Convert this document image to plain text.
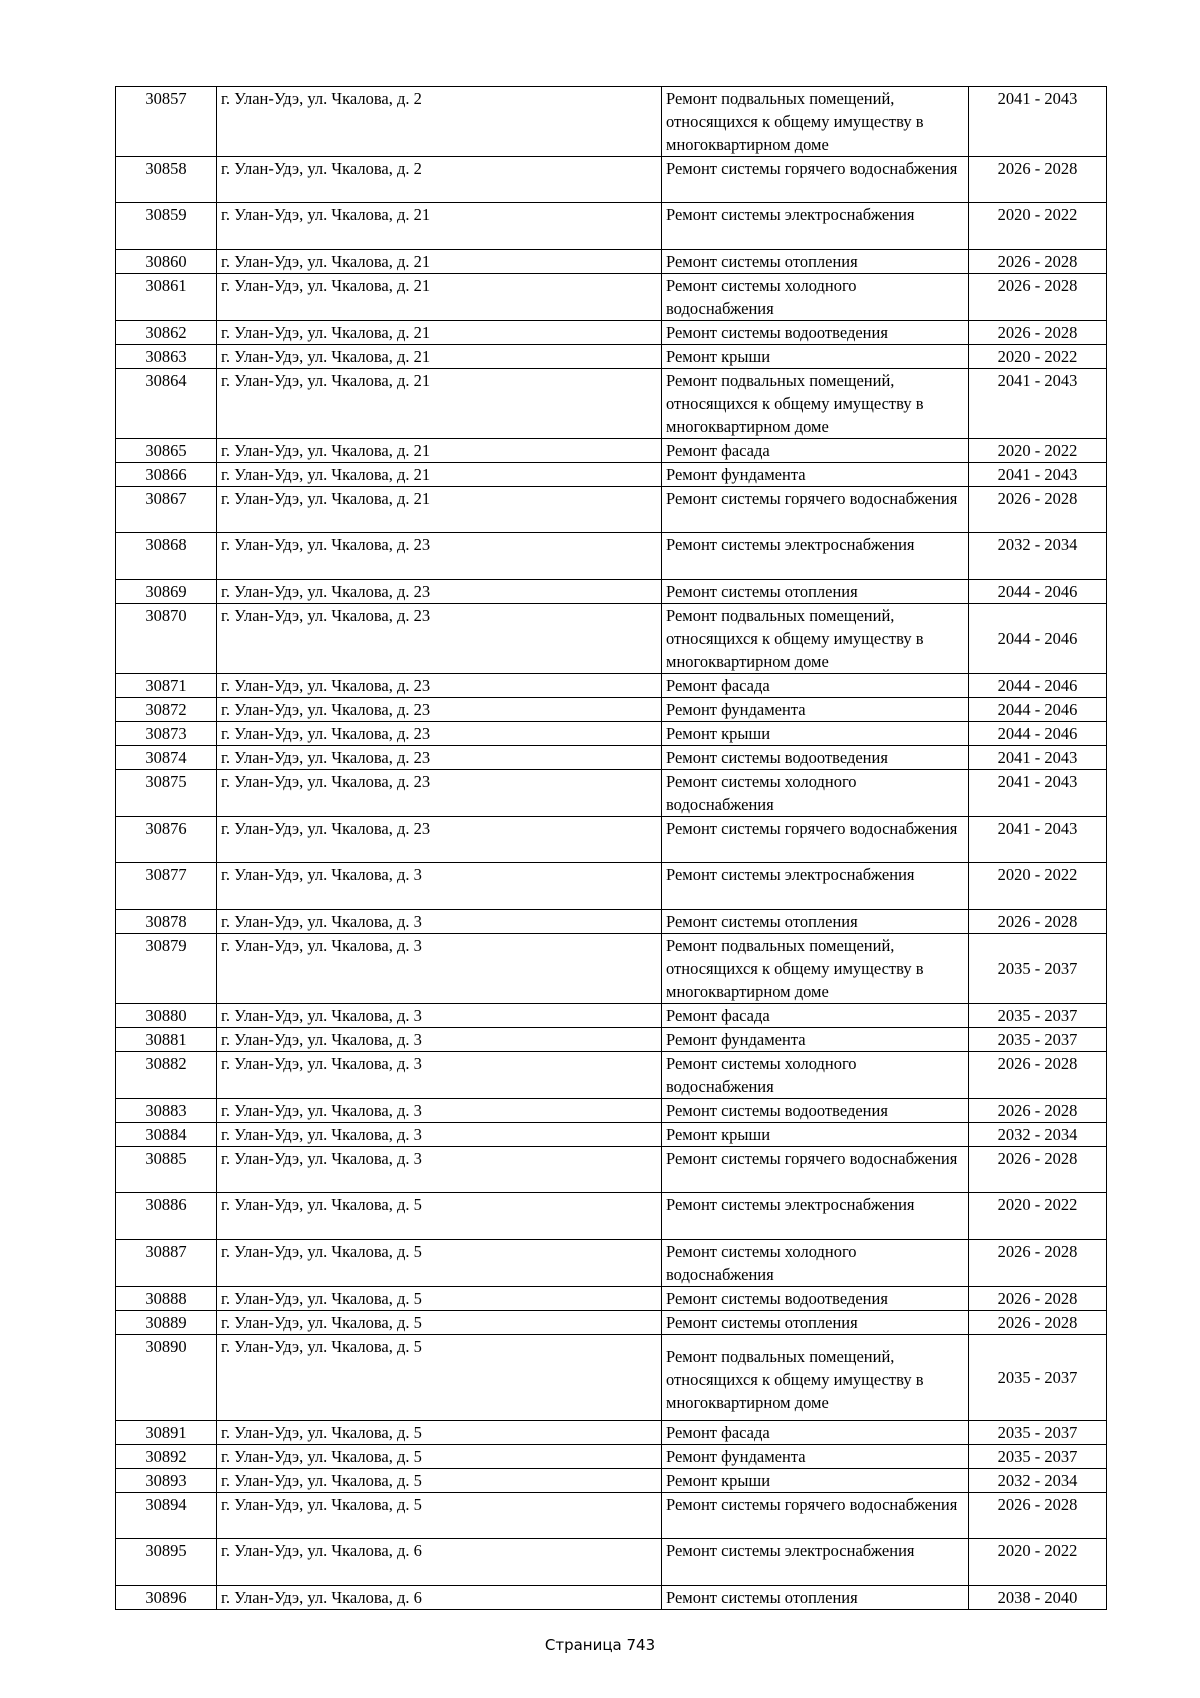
30857	г. Улан-Удэ, ул. Чкалова, д. 2	Ремонт подвальных помещений, относящихся к общему имуществу в многоквартирном доме	2041 - 2043
30858	г. Улан-Удэ, ул. Чкалова, д. 2	Ремонт системы горячего водоснабжения	2026 - 2028
30859	г. Улан-Удэ, ул. Чкалова, д. 21	Ремонт системы электроснабжения	2020 - 2022
30860	г. Улан-Удэ, ул. Чкалова, д. 21	Ремонт системы отопления	2026 - 2028
30861	г. Улан-Удэ, ул. Чкалова, д. 21	Ремонт системы холодного водоснабжения	2026 - 2028
30862	г. Улан-Удэ, ул. Чкалова, д. 21	Ремонт системы водоотведения	2026 - 2028
30863	г. Улан-Удэ, ул. Чкалова, д. 21	Ремонт крыши	2020 - 2022
30864	г. Улан-Удэ, ул. Чкалова, д. 21	Ремонт подвальных помещений, относящихся к общему имуществу в многоквартирном доме	2041 - 2043
30865	г. Улан-Удэ, ул. Чкалова, д. 21	Ремонт фасада	2020 - 2022
30866	г. Улан-Удэ, ул. Чкалова, д. 21	Ремонт фундамента	2041 - 2043
30867	г. Улан-Удэ, ул. Чкалова, д. 21	Ремонт системы горячего водоснабжения	2026 - 2028
30868	г. Улан-Удэ, ул. Чкалова, д. 23	Ремонт системы электроснабжения	2032 - 2034
30869	г. Улан-Удэ, ул. Чкалова, д. 23	Ремонт системы отопления	2044 - 2046
30870	г. Улан-Удэ, ул. Чкалова, д. 23	Ремонт подвальных помещений, относящихся к общему имуществу в многоквартирном доме	2044 - 2046
30871	г. Улан-Удэ, ул. Чкалова, д. 23	Ремонт фасада	2044 - 2046
30872	г. Улан-Удэ, ул. Чкалова, д. 23	Ремонт фундамента	2044 - 2046
30873	г. Улан-Удэ, ул. Чкалова, д. 23	Ремонт крыши	2044 - 2046
30874	г. Улан-Удэ, ул. Чкалова, д. 23	Ремонт системы водоотведения	2041 - 2043
30875	г. Улан-Удэ, ул. Чкалова, д. 23	Ремонт системы холодного водоснабжения	2041 - 2043
30876	г. Улан-Удэ, ул. Чкалова, д. 23	Ремонт системы горячего водоснабжения	2041 - 2043
30877	г. Улан-Удэ, ул. Чкалова, д. 3	Ремонт системы электроснабжения	2020 - 2022
30878	г. Улан-Удэ, ул. Чкалова, д. 3	Ремонт системы отопления	2026 - 2028
30879	г. Улан-Удэ, ул. Чкалова, д. 3	Ремонт подвальных помещений, относящихся к общему имуществу в многоквартирном доме	2035 - 2037
30880	г. Улан-Удэ, ул. Чкалова, д. 3	Ремонт фасада	2035 - 2037
30881	г. Улан-Удэ, ул. Чкалова, д. 3	Ремонт фундамента	2035 - 2037
30882	г. Улан-Удэ, ул. Чкалова, д. 3	Ремонт системы холодного водоснабжения	2026 - 2028
30883	г. Улан-Удэ, ул. Чкалова, д. 3	Ремонт системы водоотведения	2026 - 2028
30884	г. Улан-Удэ, ул. Чкалова, д. 3	Ремонт крыши	2032 - 2034
30885	г. Улан-Удэ, ул. Чкалова, д. 3	Ремонт системы горячего водоснабжения	2026 - 2028
30886	г. Улан-Удэ, ул. Чкалова, д. 5	Ремонт системы электроснабжения	2020 - 2022
30887	г. Улан-Удэ, ул. Чкалова, д. 5	Ремонт системы холодного водоснабжения	2026 - 2028
30888	г. Улан-Удэ, ул. Чкалова, д. 5	Ремонт системы водоотведения	2026 - 2028
30889	г. Улан-Удэ, ул. Чкалова, д. 5	Ремонт системы отопления	2026 - 2028
30890	г. Улан-Удэ, ул. Чкалова, д. 5	Ремонт подвальных помещений, относящихся к общему имуществу в многоквартирном доме	2035 - 2037
30891	г. Улан-Удэ, ул. Чкалова, д. 5	Ремонт фасада	2035 - 2037
30892	г. Улан-Удэ, ул. Чкалова, д. 5	Ремонт фундамента	2035 - 2037
30893	г. Улан-Удэ, ул. Чкалова, д. 5	Ремонт крыши	2032 - 2034
30894	г. Улан-Удэ, ул. Чкалова, д. 5	Ремонт системы горячего водоснабжения	2026 - 2028
30895	г. Улан-Удэ, ул. Чкалова, д. 6	Ремонт системы электроснабжения	2020 - 2022
30896	г. Улан-Удэ, ул. Чкалова, д. 6	Ремонт системы отопления	2038 - 2040
Страница 743
